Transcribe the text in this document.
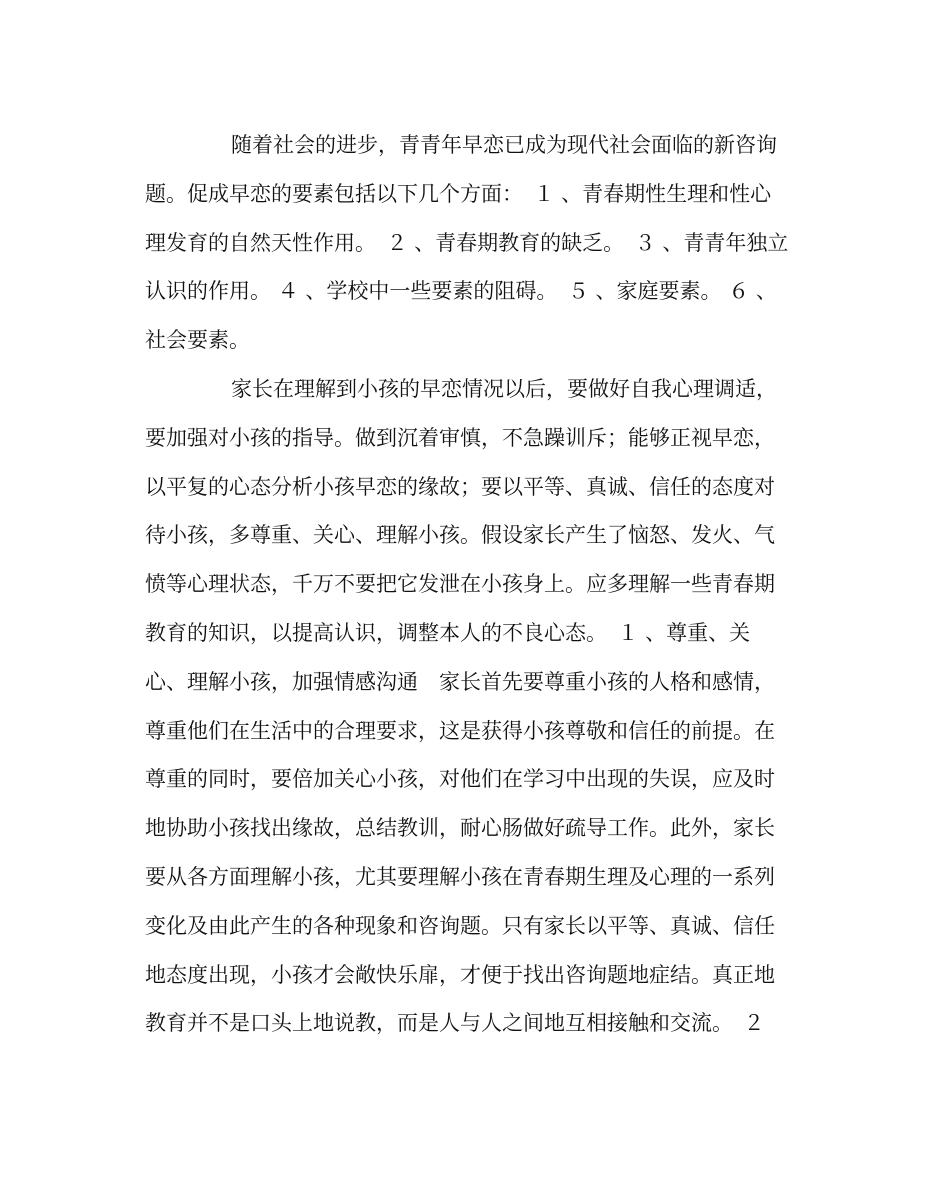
随着社会的进步，青青年早恋已成为现代社会面临的新咨询
题。促成早恋的要素包括以下几个方面：　１ 、青春期性生理和性心
理发育的自然天性作用。　２ 、青春期教育的缺乏。　３ 、青青年独立
认识的作用。 ４ 、学校中一些要素的阻碍。　５ 、家庭要素。 ６ 、
社会要素。
家长在理解到小孩的早恋情况以后，要做好自我心理调适，
要加强对小孩的指导。做到沉着审慎，不急躁训斥；能够正视早恋，
以平复的心态分析小孩早恋的缘故；要以平等、真诚、信任的态度对
待小孩，多尊重、关心、理解小孩。假设家长产生了恼怒、发火、气
愤等心理状态，千万不要把它发泄在小孩身上。应多理解一些青春期
教育的知识，以提高认识，调整本人的不良心态。　１ 、尊重、关
心、理解小孩，加强情感沟通　家长首先要尊重小孩的人格和感情，
尊重他们在生活中的合理要求，这是获得小孩尊敬和信任的前提。在
尊重的同时，要倍加关心小孩，对他们在学习中出现的失误，应及时
地协助小孩找出缘故，总结教训，耐心肠做好疏导工作。此外，家长
要从各方面理解小孩，尤其要理解小孩在青春期生理及心理的一系列
变化及由此产生的各种现象和咨询题。只有家长以平等、真诚、信任
地态度出现，小孩才会敞快乐扉，才便于找出咨询题地症结。真正地
教育并不是口头上地说教，而是人与人之间地互相接触和交流。　２
